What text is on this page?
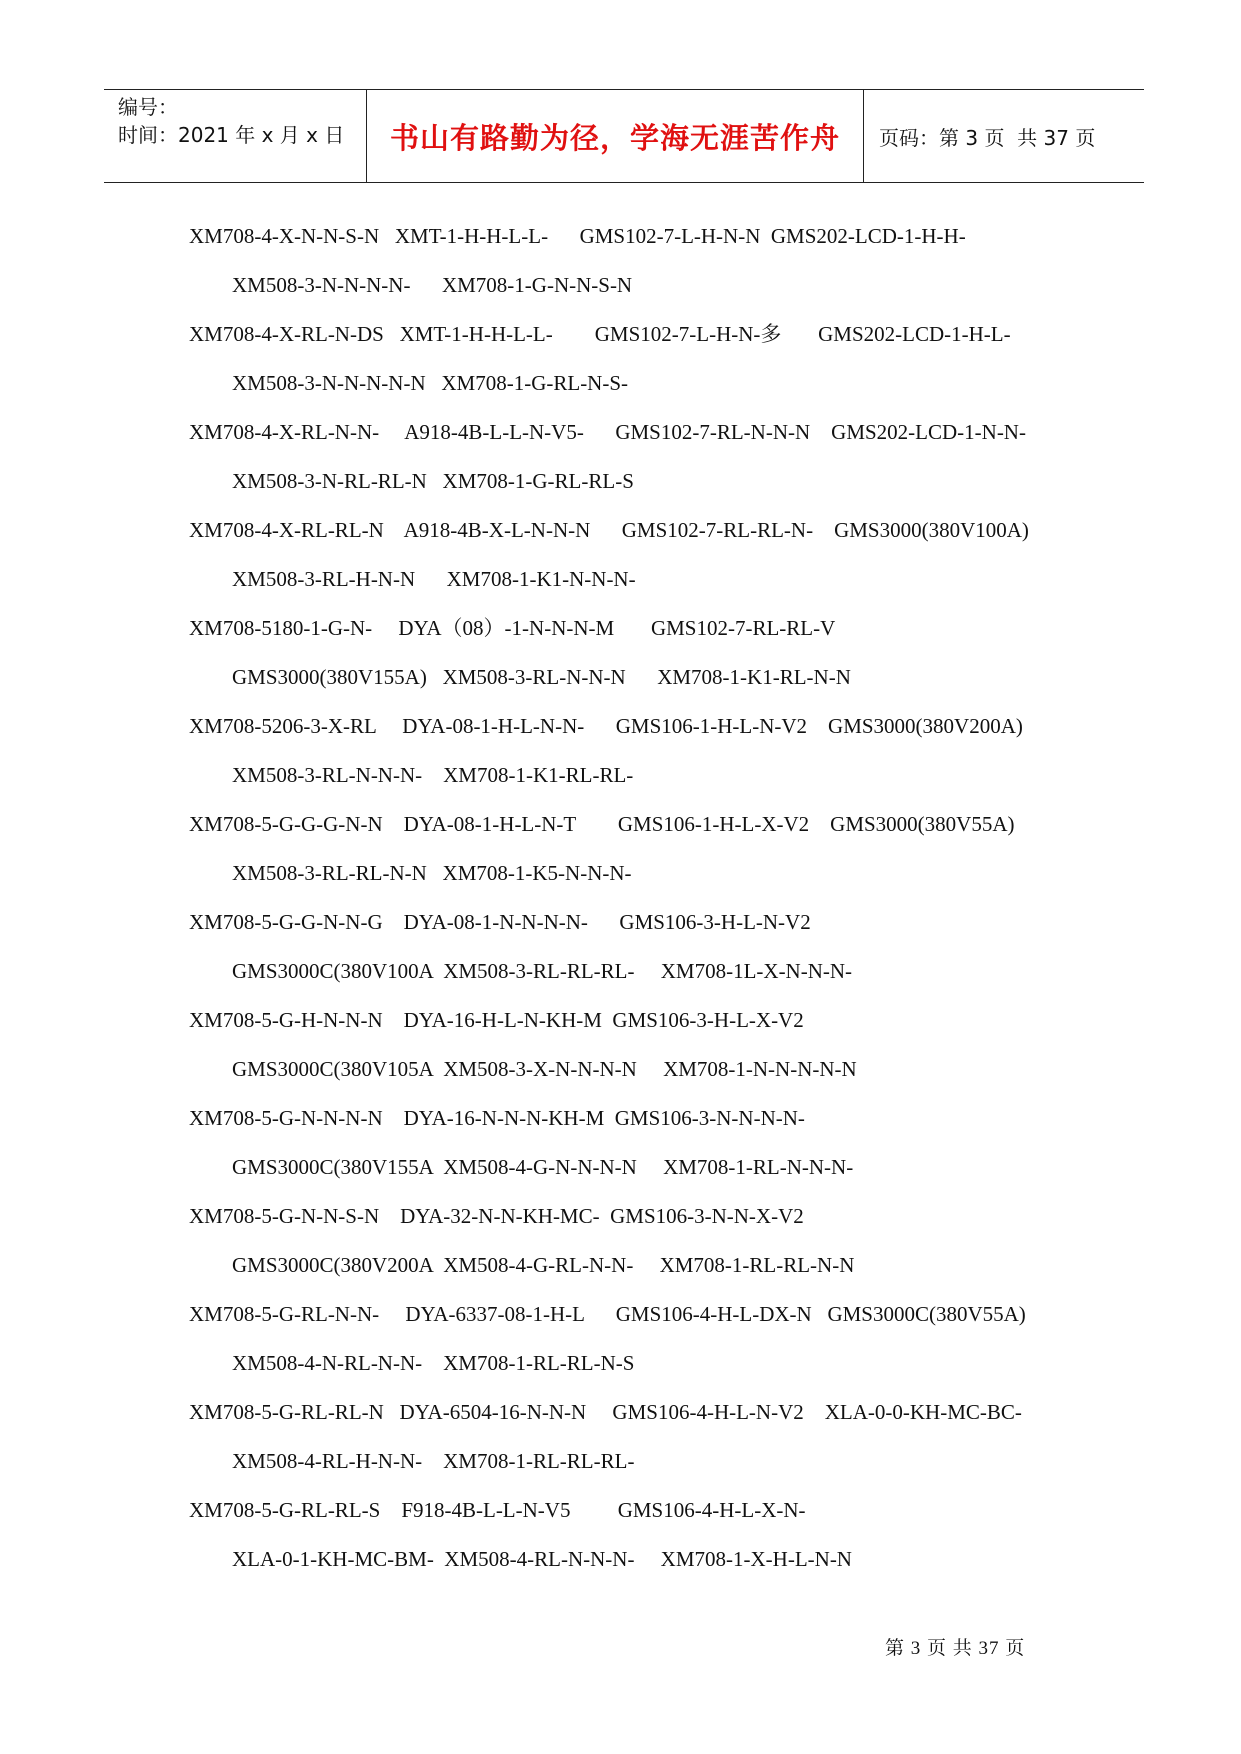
编号：
时间：2021 年 x 月 x 日	书山有路勤为径，学海无涯苦作舟	页码：第 3 页  共 37 页
XM708-4-X-N-N-S-N   XMT-1-H-H-L-L-      GMS102-7-L-H-N-N  GMS202-LCD-1-H-H-
XM508-3-N-N-N-N-      XM708-1-G-N-N-S-N
XM708-4-X-RL-N-DS   XMT-1-H-H-L-L-        GMS102-7-L-H-N-多       GMS202-LCD-1-H-L-
XM508-3-N-N-N-N-N   XM708-1-G-RL-N-S-
XM708-4-X-RL-N-N-     A918-4B-L-L-N-V5-      GMS102-7-RL-N-N-N    GMS202-LCD-1-N-N-
XM508-3-N-RL-RL-N   XM708-1-G-RL-RL-S
XM708-4-X-RL-RL-N    A918-4B-X-L-N-N-N      GMS102-7-RL-RL-N-    GMS3000(380V100A)
XM508-3-RL-H-N-N      XM708-1-K1-N-N-N-
XM708-5180-1-G-N-     DYA（08）-1-N-N-N-M       GMS102-7-RL-RL-V
GMS3000(380V155A)   XM508-3-RL-N-N-N      XM708-1-K1-RL-N-N
XM708-5206-3-X-RL     DYA-08-1-H-L-N-N-      GMS106-1-H-L-N-V2    GMS3000(380V200A)
XM508-3-RL-N-N-N-    XM708-1-K1-RL-RL-
XM708-5-G-G-G-N-N    DYA-08-1-H-L-N-T        GMS106-1-H-L-X-V2    GMS3000(380V55A)
XM508-3-RL-RL-N-N   XM708-1-K5-N-N-N-
XM708-5-G-G-N-N-G    DYA-08-1-N-N-N-N-      GMS106-3-H-L-N-V2
GMS3000C(380V100A  XM508-3-RL-RL-RL-     XM708-1L-X-N-N-N-
XM708-5-G-H-N-N-N    DYA-16-H-L-N-KH-M  GMS106-3-H-L-X-V2
GMS3000C(380V105A  XM508-3-X-N-N-N-N     XM708-1-N-N-N-N-N
XM708-5-G-N-N-N-N    DYA-16-N-N-N-KH-M  GMS106-3-N-N-N-N-
GMS3000C(380V155A  XM508-4-G-N-N-N-N     XM708-1-RL-N-N-N-
XM708-5-G-N-N-S-N    DYA-32-N-N-KH-MC-  GMS106-3-N-N-X-V2
GMS3000C(380V200A  XM508-4-G-RL-N-N-     XM708-1-RL-RL-N-N
XM708-5-G-RL-N-N-     DYA-6337-08-1-H-L      GMS106-4-H-L-DX-N   GMS3000C(380V55A)
XM508-4-N-RL-N-N-    XM708-1-RL-RL-N-S
XM708-5-G-RL-RL-N   DYA-6504-16-N-N-N     GMS106-4-H-L-N-V2    XLA-0-0-KH-MC-BC-
XM508-4-RL-H-N-N-    XM708-1-RL-RL-RL-
XM708-5-G-RL-RL-S    F918-4B-L-L-N-V5         GMS106-4-H-L-X-N-
XLA-0-1-KH-MC-BM-  XM508-4-RL-N-N-N-     XM708-1-X-H-L-N-N
第 3 页 共 37 页
